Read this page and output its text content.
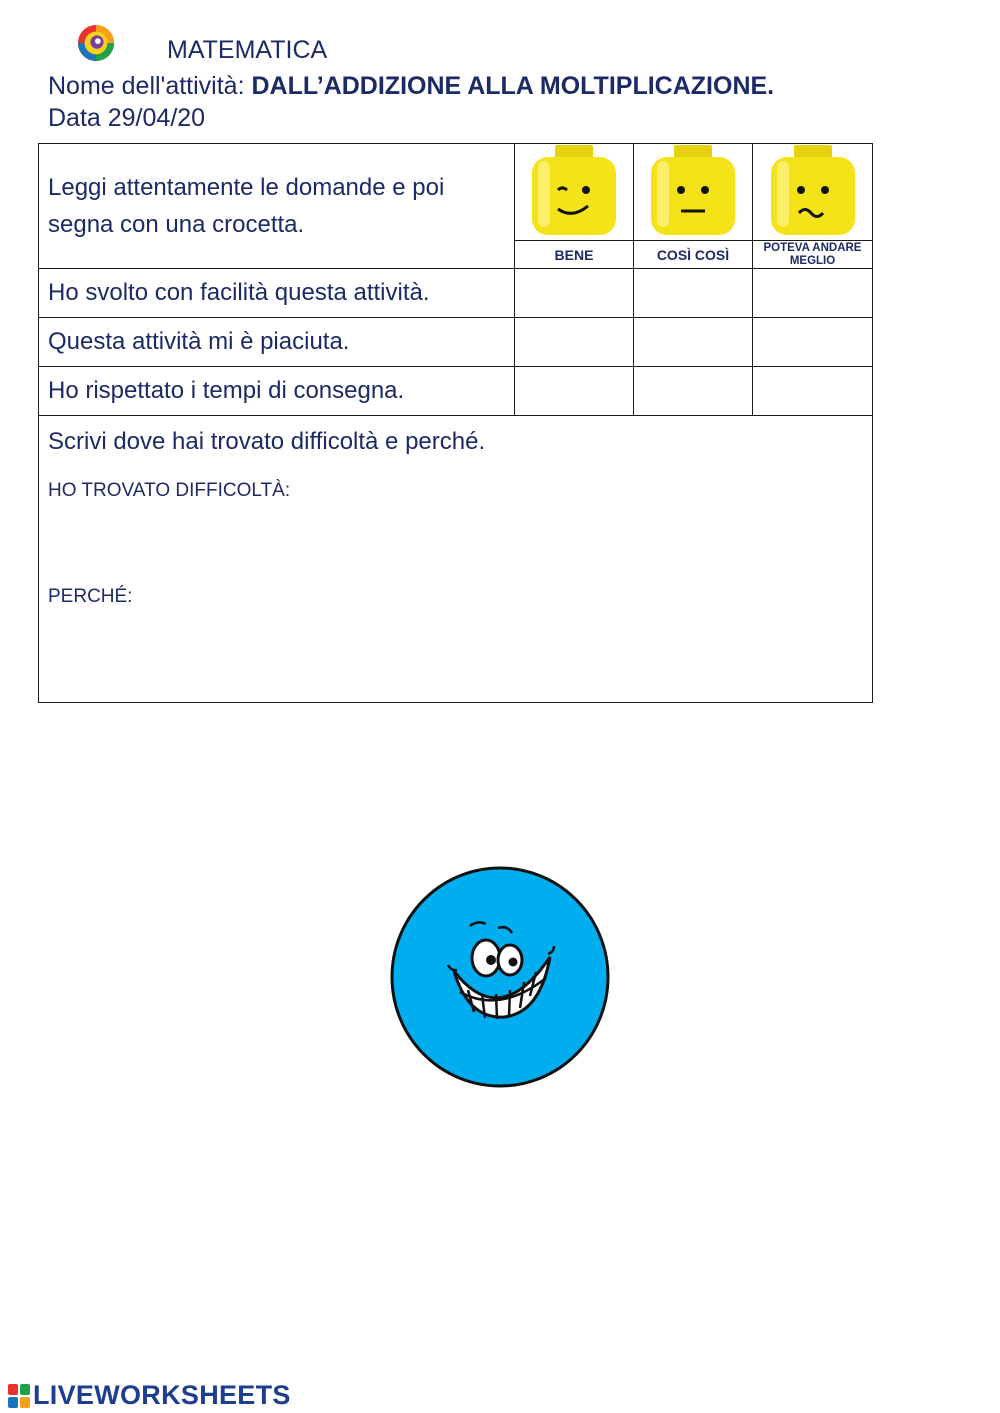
MATEMATICA
Nome dell'attività: DALL’ADDIZIONE ALLA MOLTIPLICAZIONE.
Data 29/04/20
Leggi attentamente le domande e poi segna con una crocetta.	

	BENE	COSÌ COSÌ	POTEVA ANDARE MEGLIO
Ho svolto con facilità questa attività.			
Questa attività mi è piaciuta.			
Ho rispettato i tempi di consegna.			

Scrivi dove hai trovato difficoltà e perché.
HO TROVATO DIFFICOLTÀ:
PERCHÉ:			
LIVEWORKSHEETS
